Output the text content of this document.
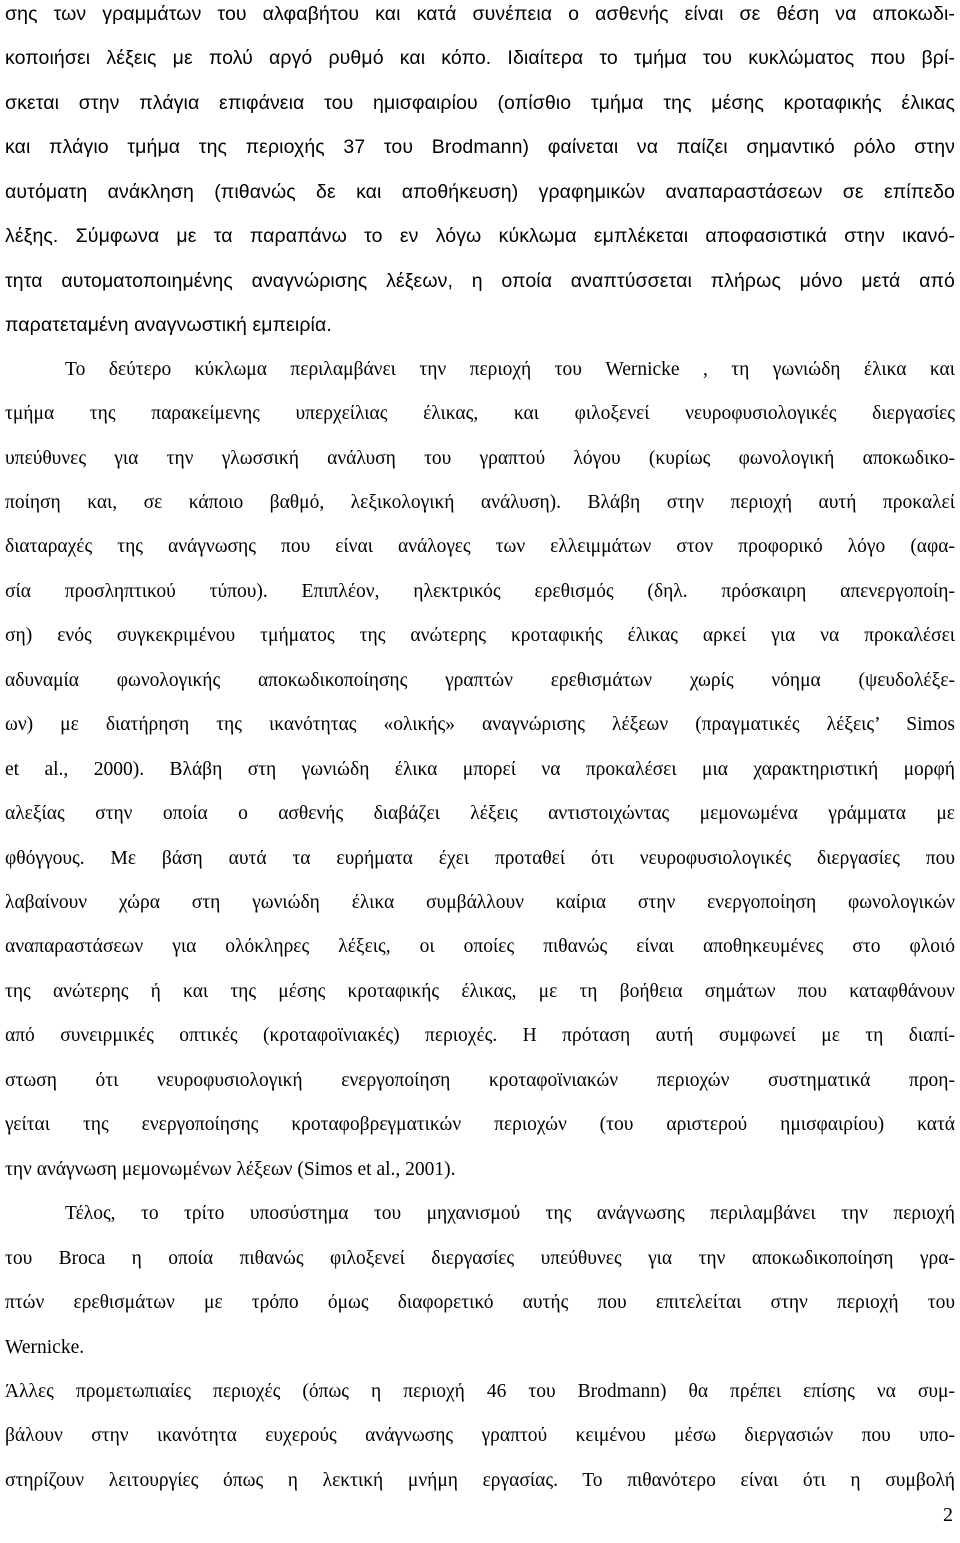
σης των γραμμάτων του αλφαβήτου και κατά συνέπεια ο ασθενής είναι σε θέση να αποκωδι-
κοποιήσει λέξεις με πολύ αργό ρυθμό και κόπο. Ιδιαίτερα το τμήμα του κυκλώματος που βρί-
σκεται στην πλάγια επιφάνεια του ημισφαιρίου (οπίσθιο τμήμα της μέσης κροταφικής έλικας
και πλάγιο τμήμα της περιοχής 37 του Brodmann) φαίνεται να παίζει σημαντικό ρόλο στην
αυτόματη ανάκληση (πιθανώς δε και αποθήκευση) γραφημικών αναπαραστάσεων σε επίπεδο
λέξης. Σύμφωνα με τα παραπάνω το εν λόγω κύκλωμα εμπλέκεται αποφασιστικά στην ικανό-
τητα αυτοματοποιημένης αναγνώρισης λέξεων, η οποία αναπτύσσεται πλήρως μόνο μετά από
παρατεταμένη αναγνωστική εμπειρία.
Το δεύτερο κύκλωμα περιλαμβάνει την περιοχή του Wernicke , τη γωνιώδη έλικα και
τμήμα της παρακείμενης υπερχείλιας έλικας, και φιλοξενεί νευροφυσιολογικές διεργασίες
υπεύθυνες για την γλωσσική ανάλυση του γραπτού λόγου (κυρίως φωνολογική αποκωδικο-
ποίηση και, σε κάποιο βαθμό, λεξικολογική ανάλυση). Βλάβη στην περιοχή αυτή προκαλεί
διαταραχές της ανάγνωσης που είναι ανάλογες των ελλειμμάτων στον προφορικό λόγο (αφα-
σία προσληπτικού τύπου). Επιπλέον, ηλεκτρικός ερεθισμός (δηλ. πρόσκαιρη απενεργοποίη-
ση) ενός συγκεκριμένου τμήματος της ανώτερης κροταφικής έλικας αρκεί για να προκαλέσει
αδυναμία φωνολογικής αποκωδικοποίησης γραπτών ερεθισμάτων χωρίς νόημα (ψευδολέξε-
ων) με διατήρηση της ικανότητας «ολικής» αναγνώρισης λέξεων (πραγματικές λέξεις’ Simos
et al., 2000). Βλάβη στη γωνιώδη έλικα μπορεί να προκαλέσει μια χαρακτηριστική μορφή
αλεξίας στην οποία ο ασθενής διαβάζει λέξεις αντιστοιχώντας μεμονωμένα γράμματα με
φθόγγους. Με βάση αυτά τα ευρήματα έχει προταθεί ότι νευροφυσιολογικές διεργασίες που
λαβαίνουν χώρα στη γωνιώδη έλικα συμβάλλουν καίρια στην ενεργοποίηση φωνολογικών
αναπαραστάσεων για ολόκληρες λέξεις, οι οποίες πιθανώς είναι αποθηκευμένες στο φλοιό
της ανώτερης ή και της μέσης κροταφικής έλικας, με τη βοήθεια σημάτων που καταφθάνουν
από συνειρμικές οπτικές (κροταφοϊνιακές) περιοχές. Η πρόταση αυτή συμφωνεί με τη διαπί-
στωση ότι νευροφυσιολογική ενεργοποίηση κροταφοϊνιακών περιοχών συστηματικά προη-
γείται της ενεργοποίησης κροταφοβρεγματικών περιοχών (του αριστερού ημισφαιρίου) κατά
την ανάγνωση μεμονωμένων λέξεων (Simos et al., 2001).
Τέλος, το τρίτο υποσύστημα του μηχανισμού της ανάγνωσης περιλαμβάνει την περιοχή
του Broca η οποία πιθανώς φιλοξενεί διεργασίες υπεύθυνες για την αποκωδικοποίηση γρα-
πτών ερεθισμάτων με τρόπο όμως διαφορετικό αυτής που επιτελείται στην περιοχή του
Wernicke.
Άλλες προμετωπιαίες περιοχές (όπως η περιοχή 46 του Brodmann) θα πρέπει επίσης να συμ-
βάλουν στην ικανότητα ευχερούς ανάγνωσης γραπτού κειμένου μέσω διεργασιών που υπο-
στηρίζουν λειτουργίες όπως η λεκτική μνήμη εργασίας. Το πιθανότερο είναι ότι η συμβολή
2
